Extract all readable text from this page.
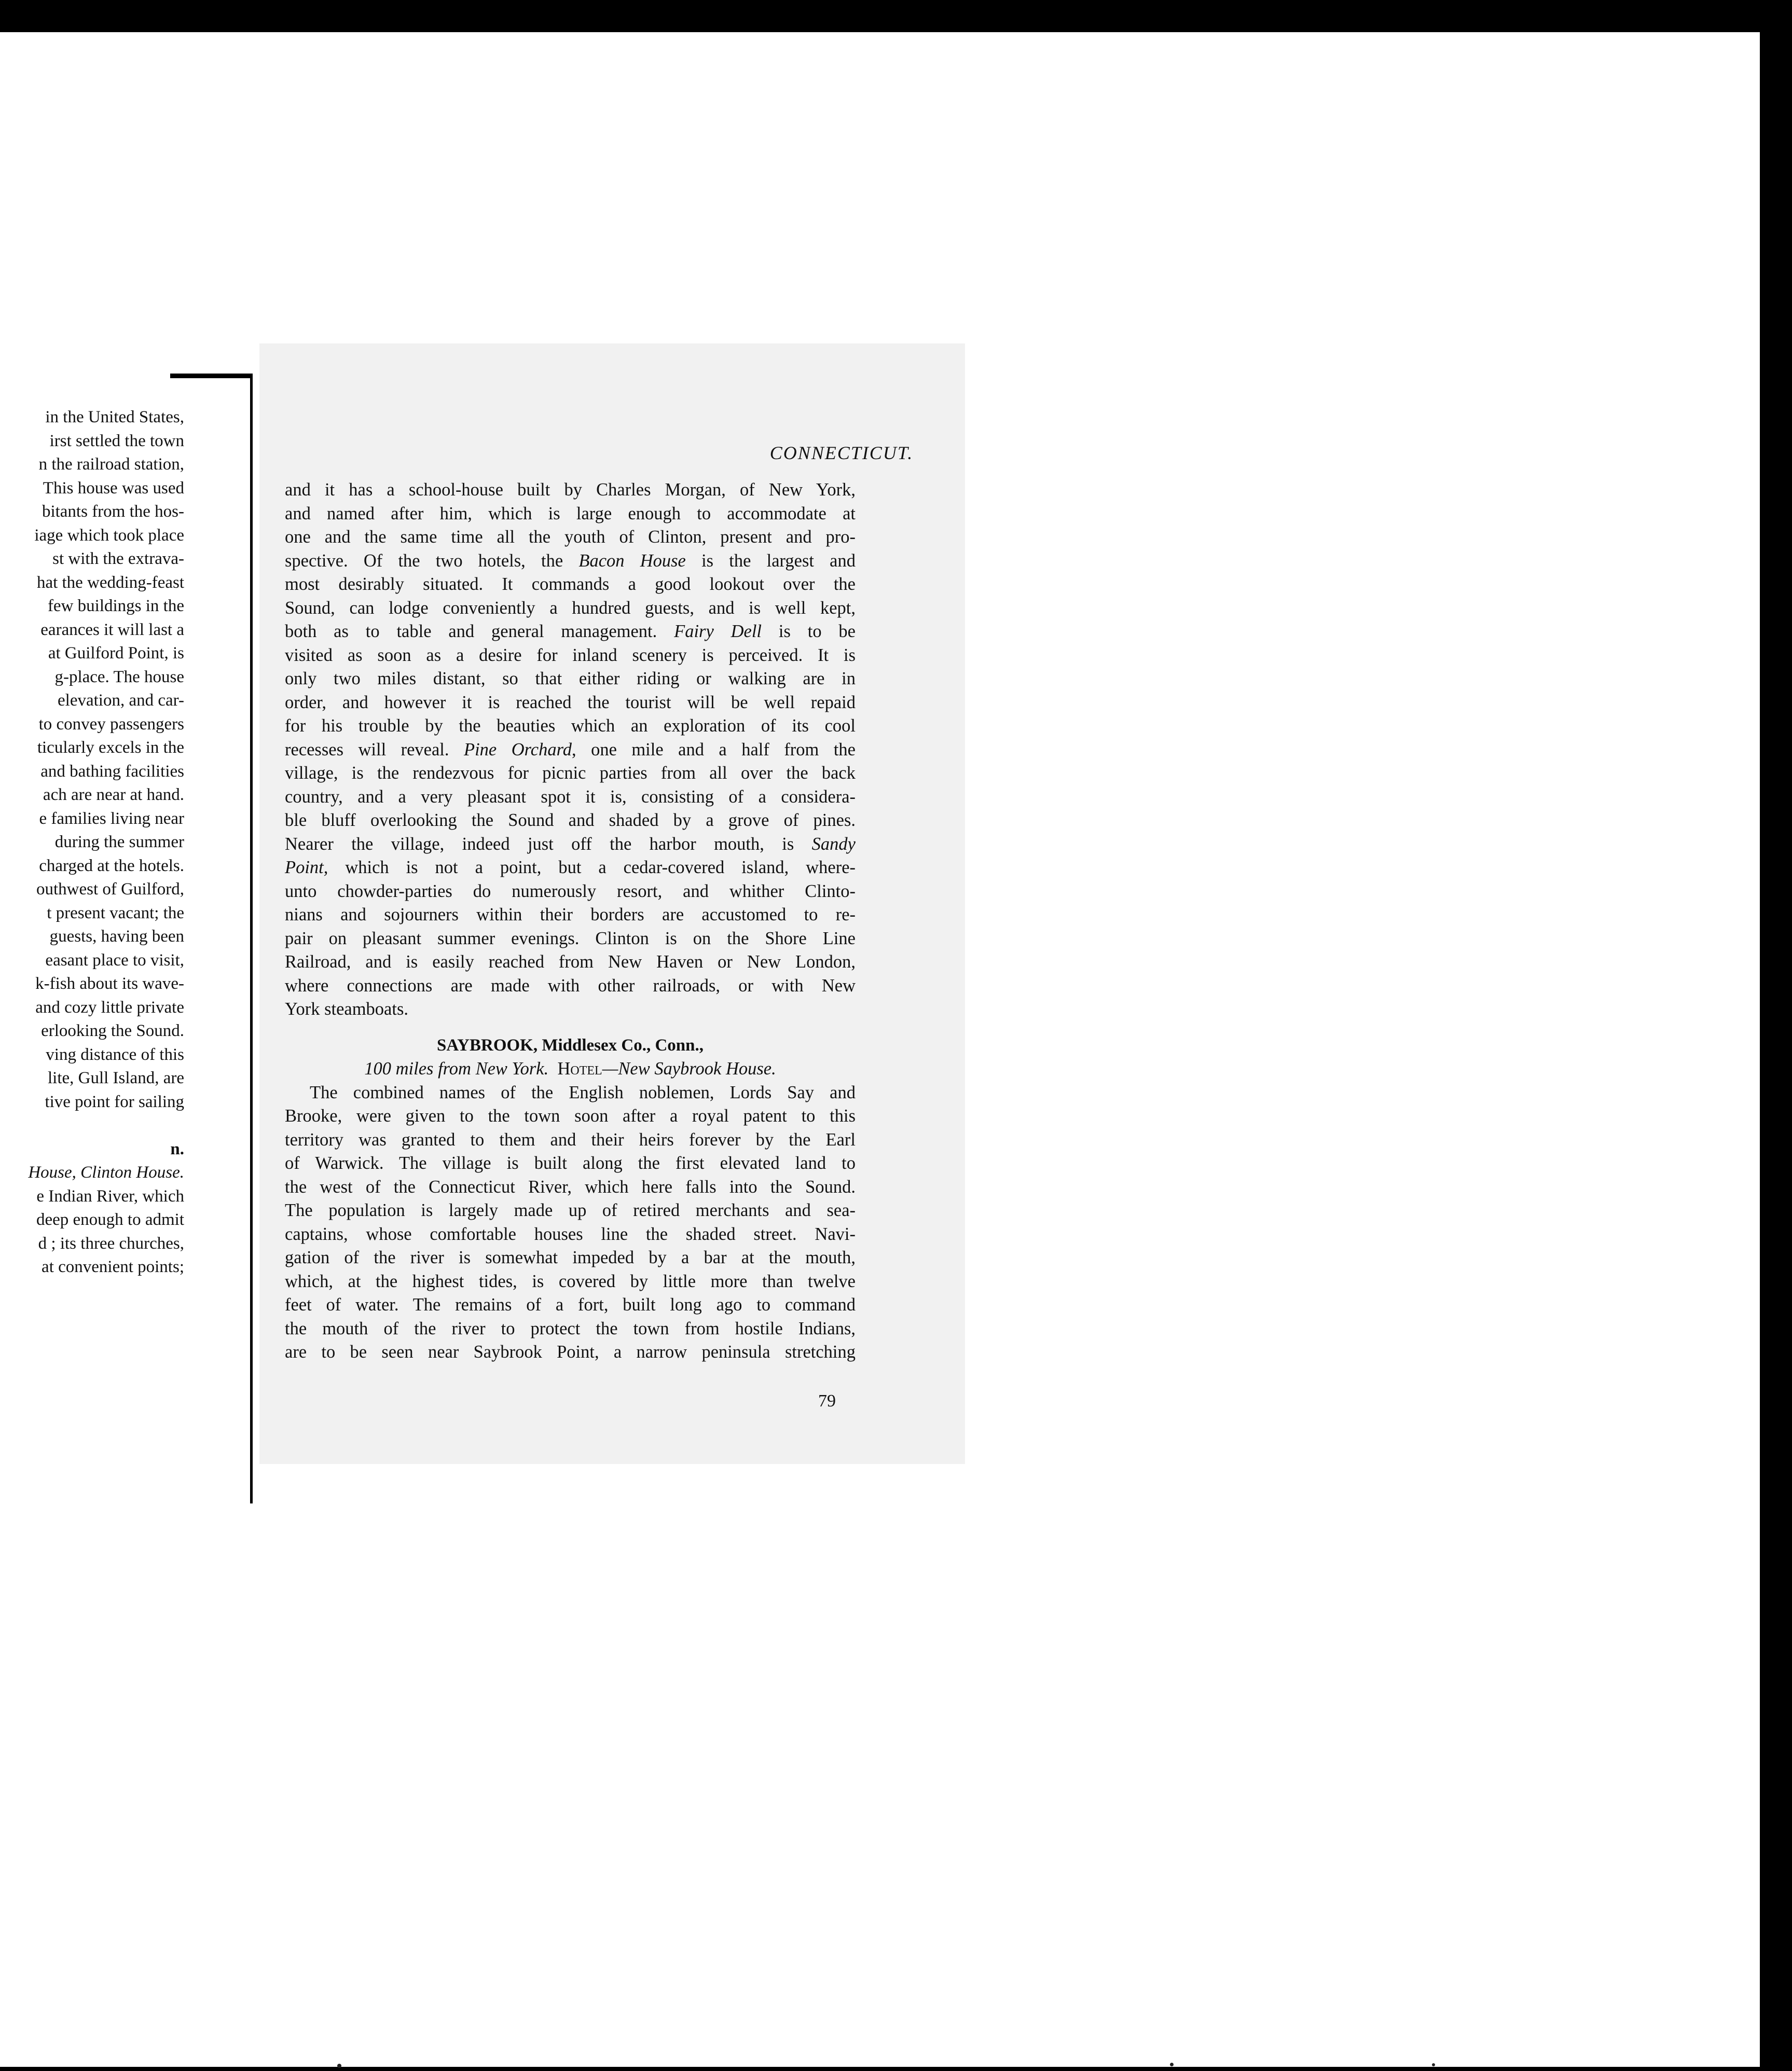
in the United States,
irst settled the town
n the railroad station,
This house was used
bitants from the hos-
iage which took place
st with the extrava-
hat the wedding-feast
few buildings in the
earances it will last a
at Guilford Point, is
g-place. The house
elevation, and car-
to convey passengers
ticularly excels in the
and bathing facilities
ach are near at hand.
e families living near
during the summer
charged at the hotels.
outhwest of Guilford,
t present vacant; the
guests, having been
easant place to visit,
k-fish about its wave-
and cozy little private
erlooking the Sound.
ving distance of this
lite, Gull Island, are
tive point for sailing
n.
House, Clinton House.
e Indian River, which
deep enough to admit
d ; its three churches,
at convenient points;
CONNECTICUT.
and it has a school-house built by Charles Morgan, of New York,
and named after him, which is large enough to accommodate at
one and the same time all the youth of Clinton, present and pro-
spective. Of the two hotels, the Bacon House is the largest and
most desirably situated. It commands a good lookout over the
Sound, can lodge conveniently a hundred guests, and is well kept,
both as to table and general management. Fairy Dell is to be
visited as soon as a desire for inland scenery is perceived. It is
only two miles distant, so that either riding or walking are in
order, and however it is reached the tourist will be well repaid
for his trouble by the beauties which an exploration of its cool
recesses will reveal. Pine Orchard, one mile and a half from the
village, is the rendezvous for picnic parties from all over the back
country, and a very pleasant spot it is, consisting of a considera-
ble bluff overlooking the Sound and shaded by a grove of pines.
Nearer the village, indeed just off the harbor mouth, is Sandy
Point, which is not a point, but a cedar-covered island, where-
unto chowder-parties do numerously resort, and whither Clinto-
nians and sojourners within their borders are accustomed to re-
pair on pleasant summer evenings. Clinton is on the Shore Line
Railroad, and is easily reached from New Haven or New London,
where connections are made with other railroads, or with New
York steamboats.
SAYBROOK, Middlesex Co., Conn.,
100 miles from New York. Hotel—New Saybrook House.
The combined names of the English noblemen, Lords Say and
Brooke, were given to the town soon after a royal patent to this
territory was granted to them and their heirs forever by the Earl
of Warwick. The village is built along the first elevated land to
the west of the Connecticut River, which here falls into the Sound.
The population is largely made up of retired merchants and sea-
captains, whose comfortable houses line the shaded street. Navi-
gation of the river is somewhat impeded by a bar at the mouth,
which, at the highest tides, is covered by little more than twelve
feet of water. The remains of a fort, built long ago to command
the mouth of the river to protect the town from hostile Indians,
are to be seen near Saybrook Point, a narrow peninsula stretching
79
